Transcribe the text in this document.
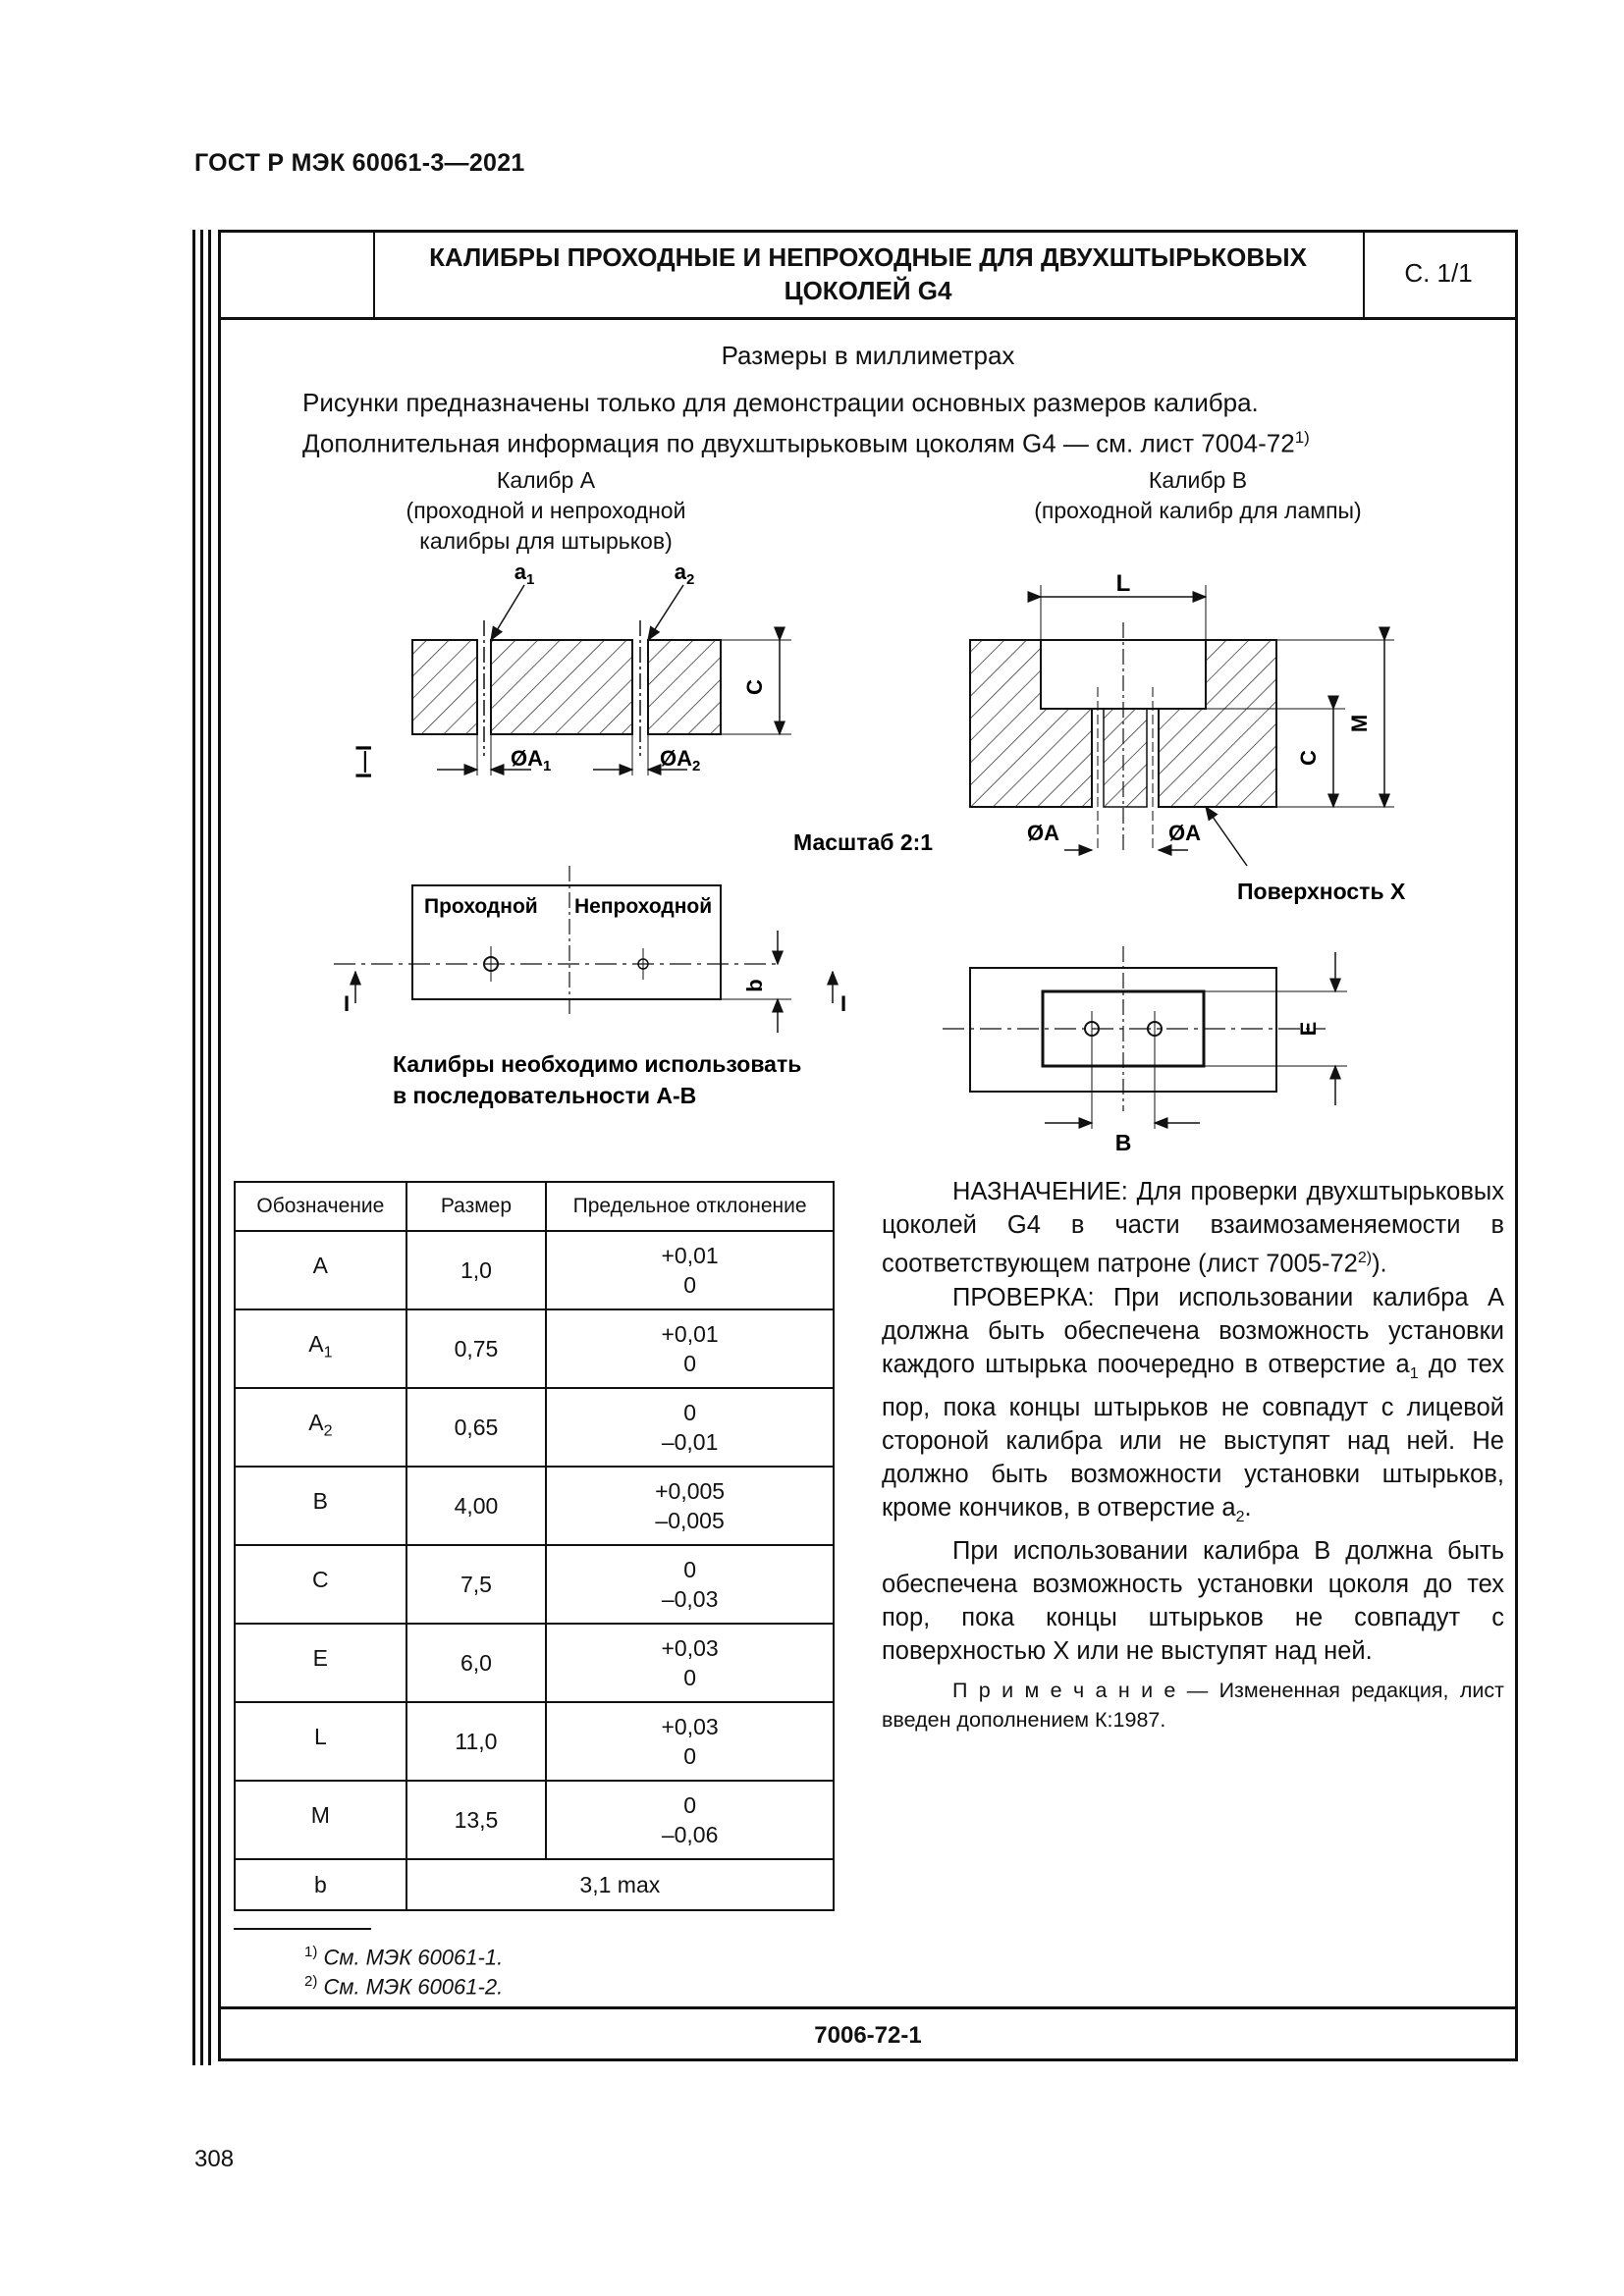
ГОСТ Р МЭК 60061-3—2021
КАЛИБРЫ ПРОХОДНЫЕ И НЕПРОХОДНЫЕ ДЛЯ ДВУХШТЫРЬКОВЫХ
ЦОКОЛЕЙ G4
С. 1/1
Размеры в миллиметрах
Рисунки предназначены только для демонстрации основных размеров калибра.
Дополнительная информация по двухштырьковым цоколям G4 — см. лист 7004-72$^{1)}$
Калибр А
(проходной и непроходной
калибры для штырьков)
Калибр В
(проходной калибр для лампы)
$a_1$	$a_2$
C
$ØA_1$	$ØA_2$
I—I
Проходной Непроходной
b
I	I
Калибры необходимо использовать
в последовательности А-В
Масштаб 2:1
L
C
M
ØA	ØA
Поверхность X
E
B
Обозначение	Размер	Предельное отклонение
A	1,0	+0,01
0

$A_1$	0,75	+0,01
0

$A_2$	0,65	0
–0,01

B	4,00	+0,005
–0,005

C	7,5	0
–0,03

E	6,0	+0,03
0

L	11,0	+0,03
0

M	13,5	0
–0,06

b	3,1 max	

НАЗНАЧЕНИЕ: Для проверки двухштырьковых цоколей G4 в части взаимозаменяемости в соответствующем патроне (лист 7005-72$^{2)}$).

ПРОВЕРКА: При использовании калибра А должна быть обеспечена возможность установки каждого штырька поочередно в отверстие $a_1$ до тех пор, пока концы штырьков не совпадут с лицевой стороной калибра или не выступят над ней. Не должно быть возможности установки штырьков, кроме кончиков, в отверстие $a_2$.

При использовании калибра В должна быть обеспечена возможность установки цоколя до тех пор, пока концы штырьков не совпадут с поверхностью X или не выступят над ней.

П р и м е ч а н и е — Измененная редакция, лист введен дополнением К:1987.

$^{1)}$ См. МЭК 60061-1.
$^{2)}$ См. МЭК 60061-2.
7006-72-1
308
